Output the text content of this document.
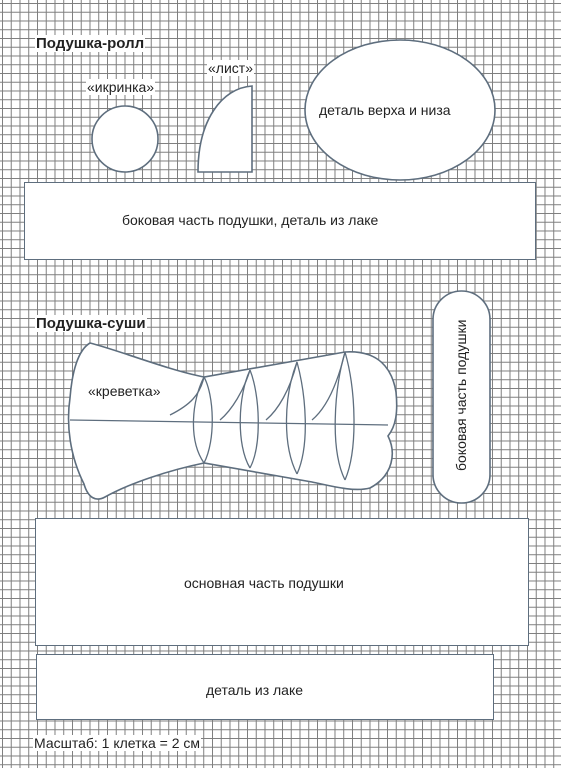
Подушка-ролл
«икринка»
«лист»
деталь верха и низа
боковая часть подушки, деталь из лаке
Подушка-суши
«креветка»	боковая часть подушки
основная часть подушки
деталь из лаке
Масштаб: 1 клетка = 2 см
